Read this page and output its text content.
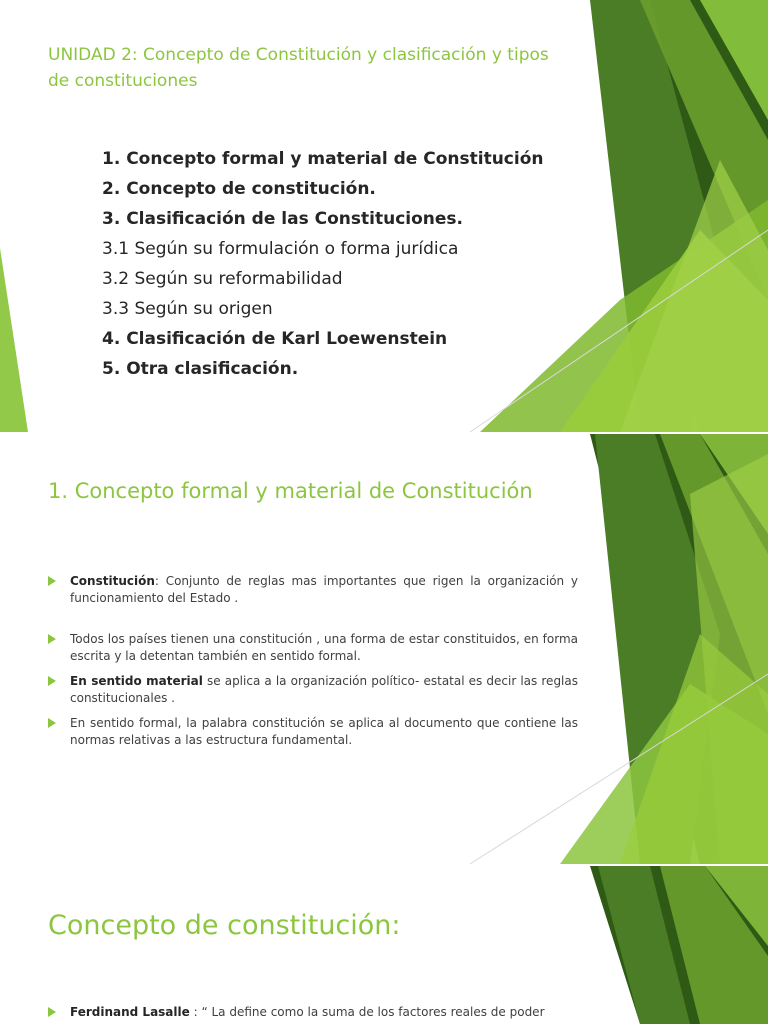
UNIDAD 2: Concepto de Constitución y clasificación y tipos de constituciones
1. Concepto formal y material de Constitución
2. Concepto de constitución.
3. Clasificación de las Constituciones.
3.1 Según su formulación o forma jurídica
3.2 Según su reformabilidad
3.3 Según su origen
4. Clasificación de Karl Loewenstein
5. Otra clasificación.
1. Concepto formal y material de Constitución
Constitución: Conjunto de reglas mas importantes que rigen la organización y funcionamiento del Estado .
Todos los países tienen una constitución , una forma de estar constituidos, en forma escrita y la detentan también en sentido formal.
En sentido material se aplica a la organización político- estatal es decir las reglas constitucionales .
En sentido formal, la palabra constitución se aplica al documento que contiene las normas relativas a las estructura fundamental.
Concepto de constitución:
Ferdinand Lasalle : “ La define como la suma de los factores reales de poder
